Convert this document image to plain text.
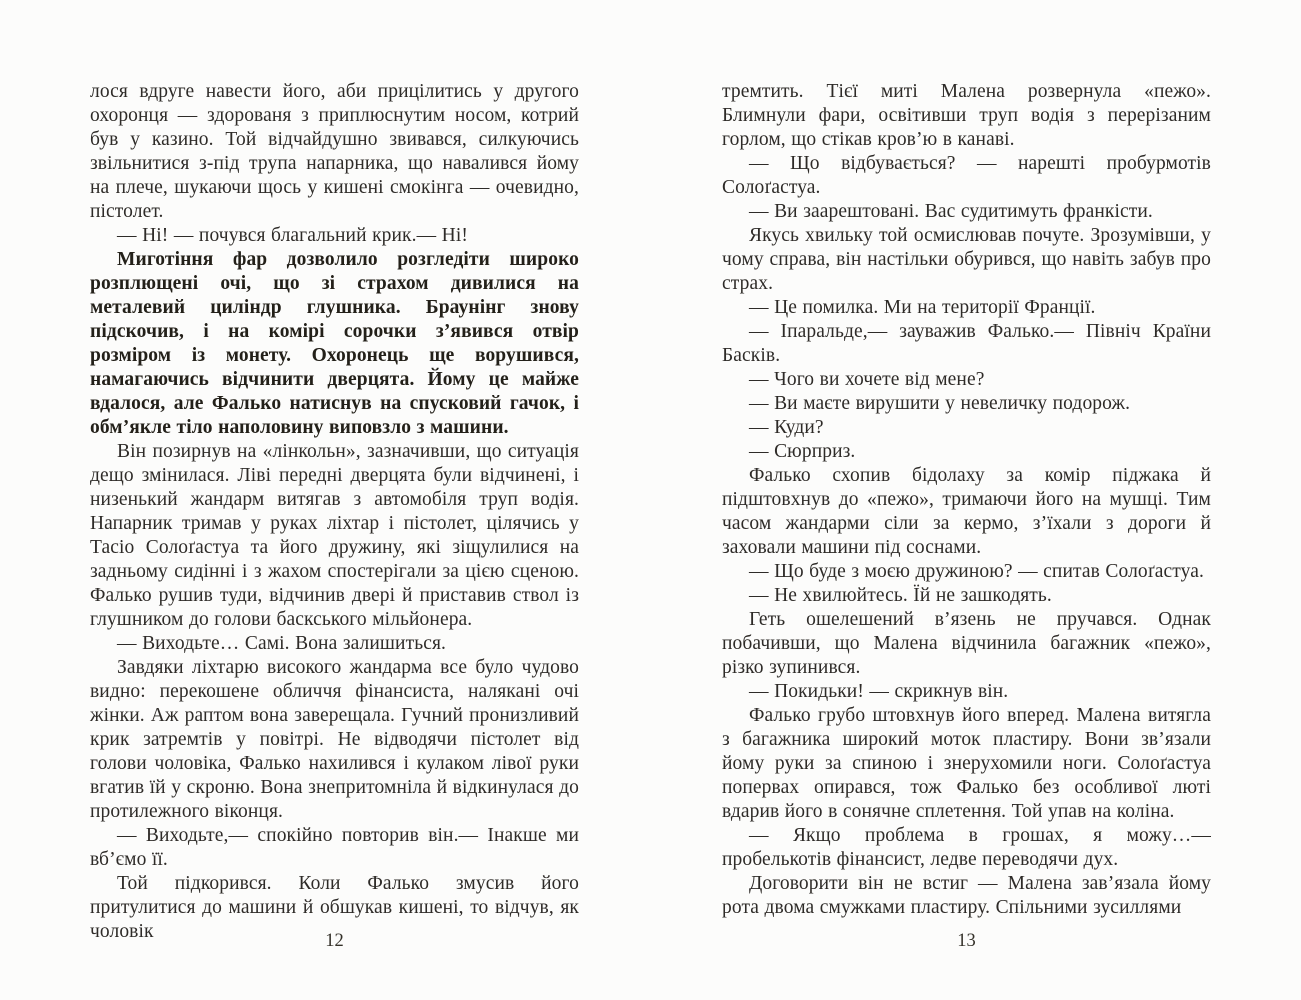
лося вдруге навести його, аби прицілитись у другого охоронця — здорованя з приплюснутим носом, котрий був у казино. Той відчайдушно звивався, силкуючись звільнитися з-під трупа напарника, що навалився йому на плече, шукаючи щось у кишені смокінга — очевидно, пістолет.

— Ні! — почувся благальний крик.— Ні!

Миготіння фар дозволило розгледіти широко розплющені очі, що зі страхом дивилися на металевий циліндр глушника. Браунінг знову підскочив, і на комірі сорочки з’явився отвір розміром із монету. Охоронець ще ворушився, намагаючись відчинити дверцята. Йому це майже вдалося, але Фалько натиснув на спусковий гачок, і обм’якле тіло наполовину виповзло з машини.

Він позирнув на «лінкольн», зазначивши, що ситуація дещо змінилася. Ліві передні дверцята були відчинені, і низенький жандарм витягав з автомобіля труп водія. Напарник тримав у руках ліхтар і пістолет, цілячись у Тасіо Солоґастуа та його дружину, які зіщулилися на задньому сидінні і з жахом спостерігали за цією сценою. Фалько рушив туди, відчинив двері й приставив ствол із глушником до голови баскського мільйонера.

— Виходьте… Самі. Вона залишиться.

Завдяки ліхтарю високого жандарма все було чудово видно: перекошене обличчя фінансиста, налякані очі жінки. Аж раптом вона заверещала. Гучний пронизливий крик затремтів у повітрі. Не відводячи пістолет від голови чоловіка, Фалько нахилився і кулаком лівої руки вгатив їй у скроню. Вона знепритомніла й відкинулася до протилежного віконця.

— Виходьте,— спокійно повторив він.— Інакше ми вб’ємо її.

Той підкорився. Коли Фалько змусив його притулитися до машини й обшукав кишені, то відчув, як чоловік	12

тремтить. Тієї миті Малена розвернула «пежо». Блимнули фари, освітивши труп водія з перерізаним горлом, що стікав кров’ю в канаві.

— Що відбувається? — нарешті пробурмотів Солоґастуа.

— Ви заарештовані. Вас судитимуть франкісти.

Якусь хвильку той осмислював почуте. Зрозумівши, у чому справа, він настільки обурився, що навіть забув про страх.

— Це помилка. Ми на території Франції.

— Іпаральде,— зауважив Фалько.— Північ Країни Басків.

— Чого ви хочете від мене?

— Ви маєте вирушити у невеличку подорож.

— Куди?

— Сюрприз.

Фалько схопив бідолаху за комір піджака й підштовхнув до «пежо», тримаючи його на мушці. Тим часом жандарми сіли за кермо, з’їхали з дороги й заховали машини під соснами.

— Що буде з моєю дружиною? — спитав Солоґастуа.

— Не хвилюйтесь. Їй не зашкодять.

Геть ошелешений в’язень не пручався. Однак побачивши, що Малена відчинила багажник «пежо», різко зупинився.

— Покидьки! — скрикнув він.

Фалько грубо штовхнув його вперед. Малена витягла з багажника широкий моток пластиру. Вони зв’язали йому руки за спиною і знерухомили ноги. Солоґастуа попервах опирався, тож Фалько без особливої люті вдарив його в сонячне сплетення. Той упав на коліна.

— Якщо проблема в грошах, я можу…— пробелькотів фінансист, ледве переводячи дух.

Договорити він не встиг — Малена зав’язала йому рота двома смужками пластиру. Спільними зусиллями

13
